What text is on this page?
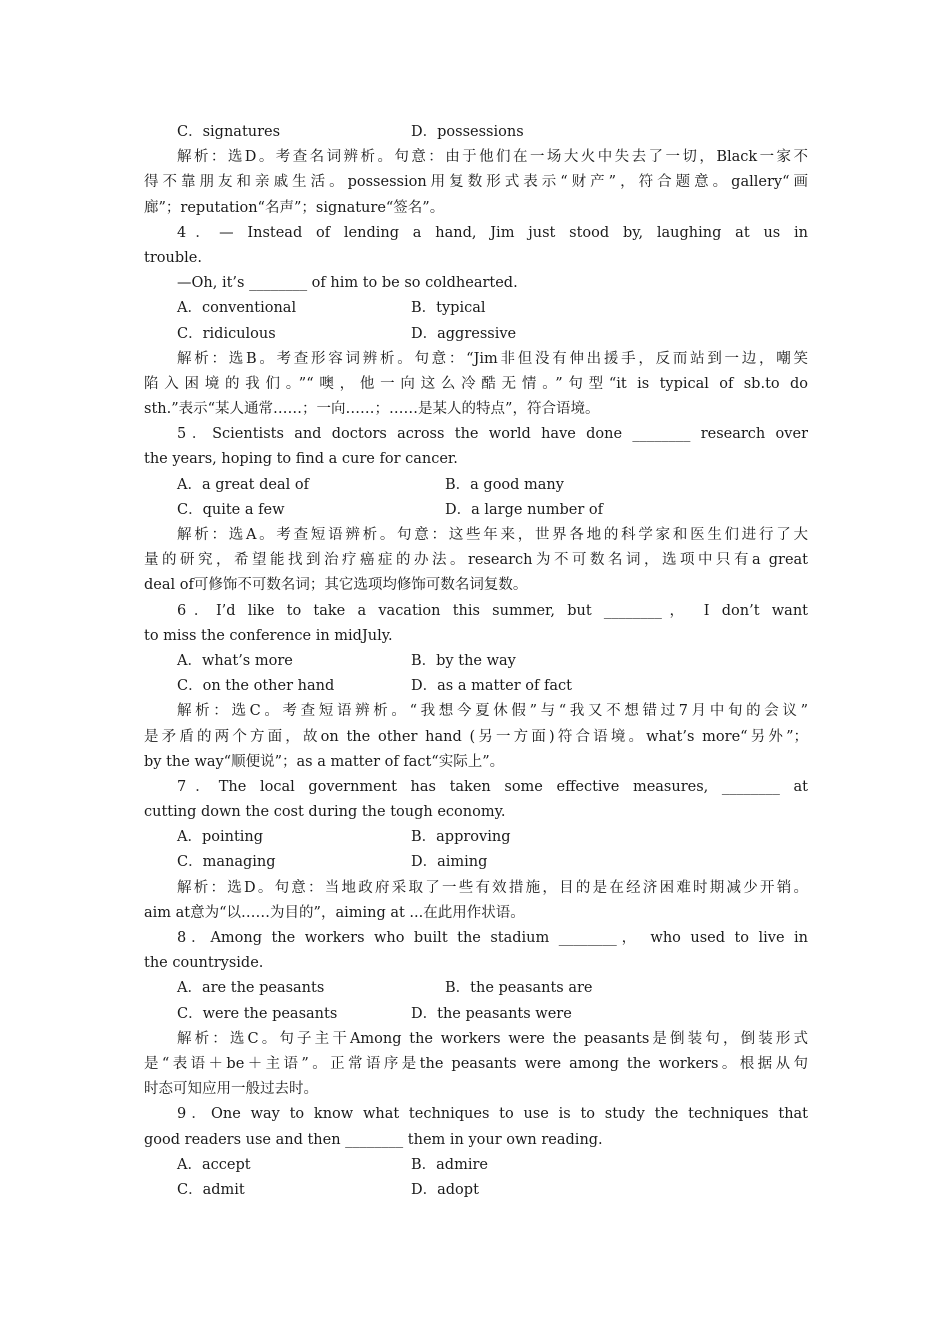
C．signatures	D．possessions
解析：选D。考查名词辨析。句意：由于他们在一场大火中失去了一切，Black一家不
得不靠朋友和亲戚生活。possession用复数形式表示“财产”，符合题意。gallery“画
廊”；reputation“名声”；signature“签名”。
4．— Instead of lending a hand, Jim just stood by, laughing at us in
trouble.
—Oh, it’s ________ of him to be so coldhearted.
A．conventional	B．typical
C．ridiculous	D．aggressive
解析：选B。考查形容词辨析。句意：“Jim非但没有伸出援手，反而站到一边，嘲笑
陷入困境的我们。”“噢，他一向这么冷酷无情。”句型“it is typical of sb.to do
sth.”表示“某人通常……；一向……；……是某人的特点”，符合语境。
5．Scientists and doctors across the world have done ________ research over
the years, hoping to find a cure for cancer.
A．a great deal of	B．a good many
C．quite a few	D．a large number of
解析：选A。考查短语辨析。句意：这些年来，世界各地的科学家和医生们进行了大
量的研究，希望能找到治疗癌症的办法。research为不可数名词，选项中只有a great
deal of可修饰不可数名词；其它选项均修饰可数名词复数。
6．I’d like to take a vacation this summer, but ________， I don’t want
to miss the conference in midJuly.
A．what’s more	B．by the way
C．on the other hand	D．as a matter of fact
解析：选C。考查短语辨析。“我想今夏休假”与“我又不想错过7月中旬的会议”
是矛盾的两个方面，故on the other hand (另一方面)符合语境。what’s more“另外”；
by the way“顺便说”；as a matter of fact“实际上”。
7．The local government has taken some effective measures, ________ at
cutting down the cost during the tough economy.
A．pointing	B．approving
C．managing	D．aiming
解析：选D。句意：当地政府采取了一些有效措施，目的是在经济困难时期减少开销。
aim at意为“以……为目的”，aiming at ...在此用作状语。
8．Among the workers who built the stadium ________， who used to live in
the countryside.
A．are the peasants	B．the peasants are
C．were the peasants	D．the peasants were
解析：选C。句子主干Among the workers were the peasants是倒装句，倒装形式
是“表语＋be＋主语”。正常语序是the peasants were among the workers。根据从句
时态可知应用一般过去时。
9．One way to know what techniques to use is to study the techniques that
good readers use and then ________ them in your own reading.
A．accept	B．admire
C．admit	D．adopt
